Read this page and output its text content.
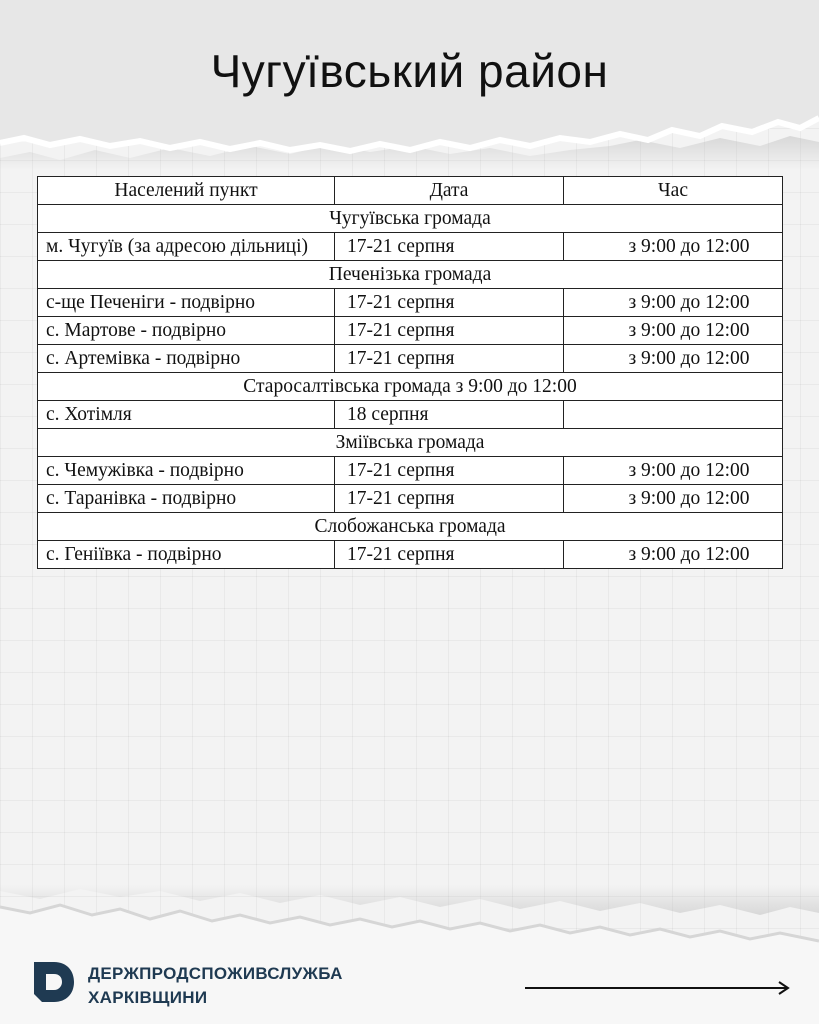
Чугуївський район
Населений пункт	Дата	Час
Чугуївська громада		
м. Чугуїв (за адресою дільниці)	17-21 серпня	з 9:00 до 12:00
Печенізька громада		
с-ще Печеніги - подвірно	17-21 серпня	з 9:00 до 12:00
с. Мартове - подвірно	17-21 серпня	з 9:00 до 12:00
с. Артемівка - подвірно	17-21 серпня	з 9:00 до 12:00
Старосалтівська громада з 9:00 до 12:00		
с. Хотімля	18 серпня	
Зміївська громада		
с. Чемужівка - подвірно	17-21 серпня	з 9:00 до 12:00
с. Таранівка - подвірно	17-21 серпня	з 9:00 до 12:00
Слобожанська громада		
с. Геніївка - подвірно	17-21 серпня	з 9:00 до 12:00
ДЕРЖПРОДСПОЖИВСЛУЖБА
ХАРКІВЩИНИ
